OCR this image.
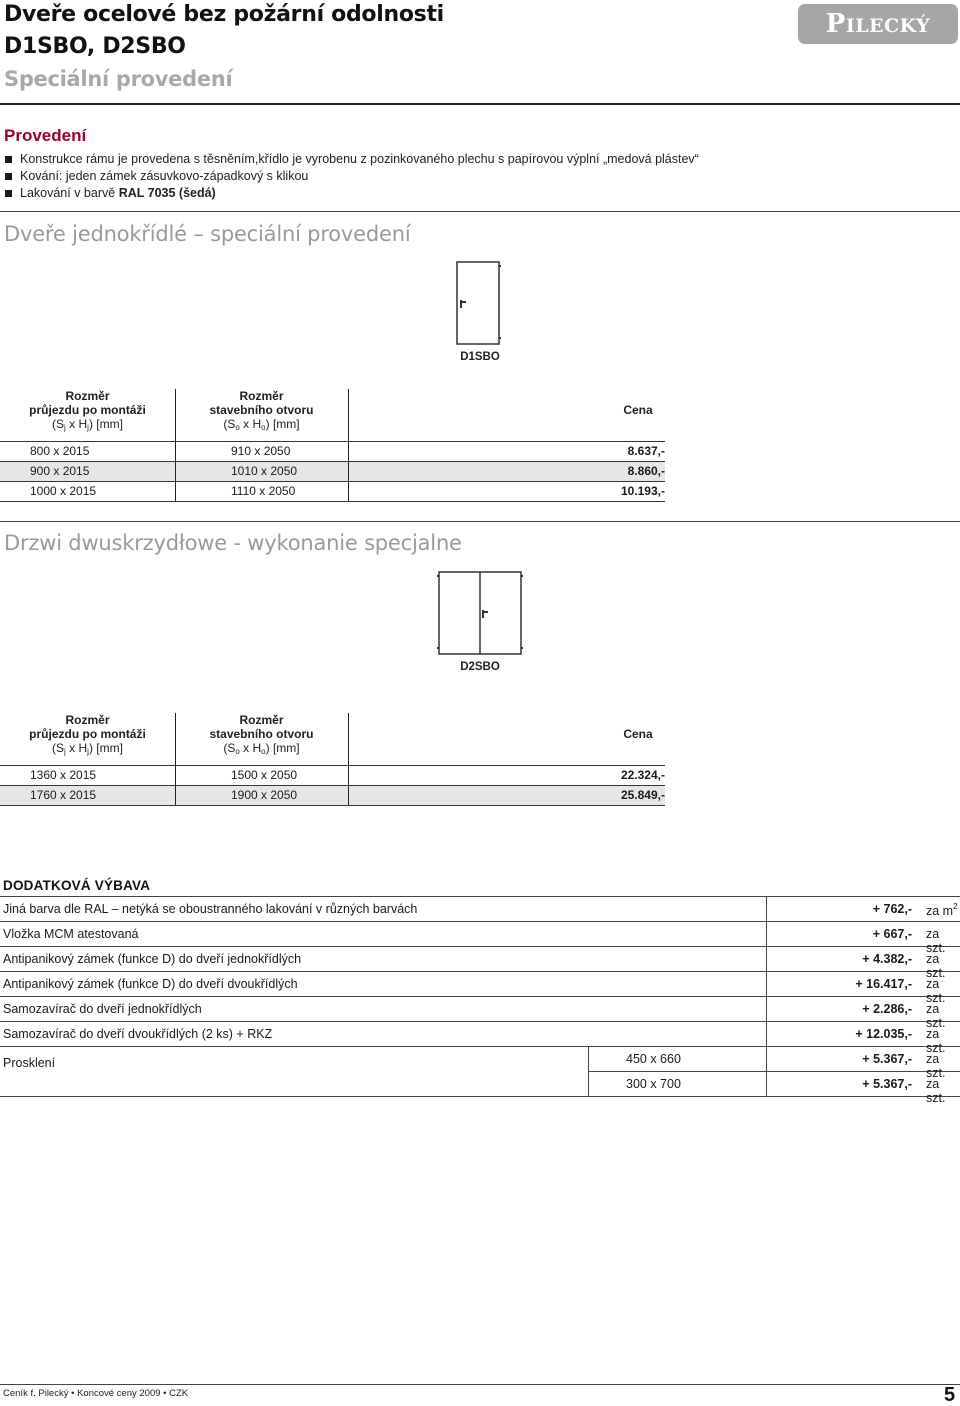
Dveře ocelové bez požární odolnosti
D1SBO, D2SBO
Speciální provedení
PILECKÝ
Provedení
Konstrukce rámu je provedena s těsněním,křídlo je vyrobenu z pozinkovaného plechu s papírovou výplní „medová plástev“
Kování: jeden zámek zásuvkovo-západkový s klikou
Lakování v barvě RAL 7035 (šedá)
Dveře jednokřídlé – speciální provedení
D1SBO
Rozměr
průjezdu po montáži
($S_j$ x $H_j$) [mm]
Rozměr
stavebního otvoru
($S_o$ x $H_o$) [mm]
Cena
800 x 2015	910 x 2050	8.637,-
900 x 2015	1010 x 2050	8.860,-
1000 x 2015	1110 x 2050	10.193,-
Drzwi dwuskrzydłowe - wykonanie specjalne
D2SBO
Rozměr
průjezdu po montáži
($S_j$ x $H_j$) [mm]
Rozměr
stavebního otvoru
($S_o$ x $H_o$) [mm]
Cena
1360 x 2015	1500 x 2050	22.324,-
1760 x 2015	1900 x 2050	25.849,-
DODATKOVÁ VÝBAVA
Jiná barva dle RAL – netýká se oboustranného lakování v různých barvách	+ 762,- za $m^2$
Vložka MCM atestovaná	+ 667,- za szt.
Antipanikový zámek (funkce D) do dveří jednokřídlých	+ 4.382,- za szt.
Antipanikový zámek (funkce D) do dveří dvoukřídlých	+ 16.417,- za szt.
Samozavírač do dveří jednokřídlých	+ 2.286,- za szt.
Samozavírač do dveří dvoukřídlých (2 ks) + RKZ	+ 12.035,- za szt.
Prosklení	450 x 660	+ 5.367,- za szt.
300 x 700	+ 5.367,- za szt.
Ceník f. Pilecký • Koncové ceny 2009 • CZK	5
